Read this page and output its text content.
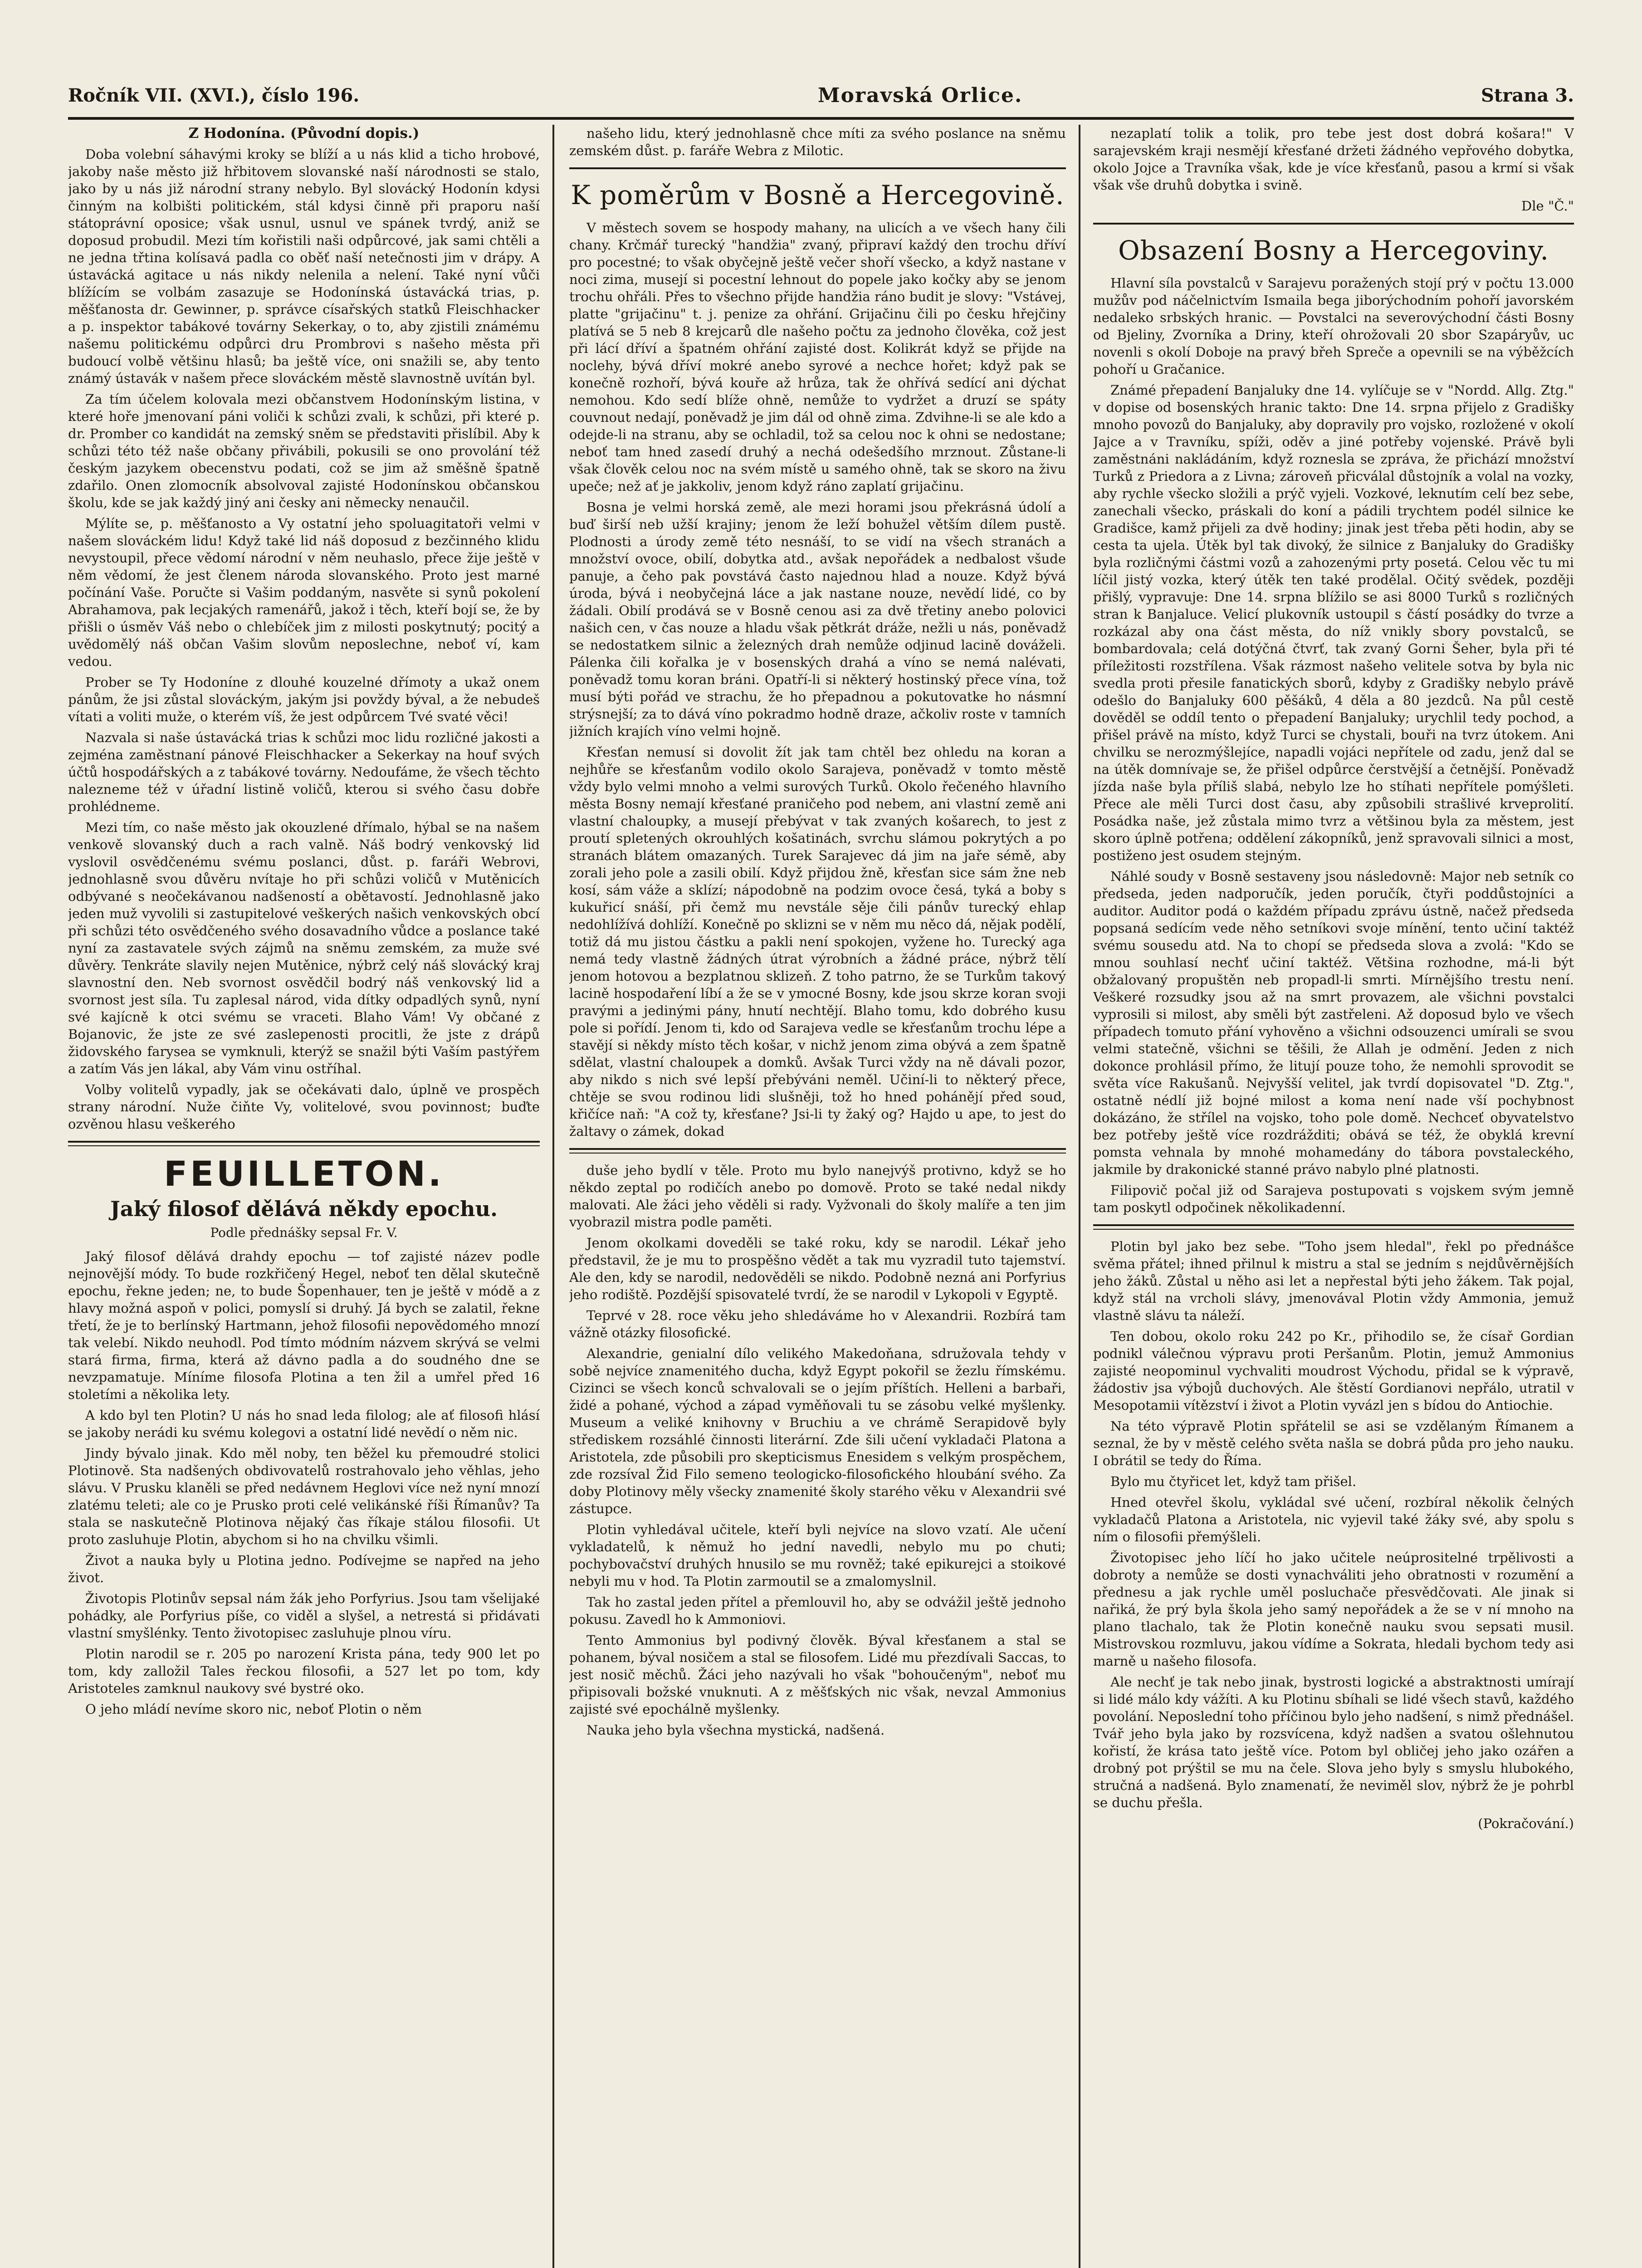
Ročník VII. (XVI.), číslo 196.	Moravská Orlice.	Strana 3.

Z Hodonína. (Původní dopis.)

Doba volební sáhavými kroky se blíží a u nás klid a ticho hrobové, jakoby naše město již hřbitovem slovanské naší národnosti se stalo, jako by u nás již národní strany nebylo. Byl slovácký Hodonín kdysi činným na kolbišti politickém, stál kdysi činně při praporu naší státoprávní oposice; však usnul, usnul ve spánek tvrdý, aniž se doposud probudil. Mezi tím kořistili naši odpůrcové, jak sami chtěli a ne jedna třtina kolísavá padla co oběť naší netečnosti jim v drápy. A ústavácká agitace u nás nikdy nelenila a nelení. Také nyní vůči blížícím se volbám zasazuje se Hodonínská ústavácká trias, p. měšťanosta dr. Gewinner, p. správce císařských statků Fleischhacker a p. inspektor tabákové továrny Sekerkay, o to, aby zjistili známému našemu politickému odpůrci dru Prombrovi s našeho města při budoucí volbě většinu hlasů; ba ještě více, oni snažili se, aby tento známý ústavák v našem přece slováckém městě slavnostně uvítán byl.

Za tím účelem kolovala mezi občanstvem Hodonínským listina, v které hoře jmenovaní páni voliči k schůzi zvali, k schůzi, při které p. dr. Promber co kandidát na zemský sněm se představiti přislíbil. Aby k schůzi této též naše občany přivábili, pokusili se ono provolání též českým jazykem obecenstvu podati, což se jim až směšně špatně zdařilo. Onen zlomocník absolvoval zajisté Hodonínskou občanskou školu, kde se jak každý jiný ani česky ani německy nenaučil.

Mýlíte se, p. měšťanosto a Vy ostatní jeho spoluagitatoři velmi v našem slováckém lidu! Když také lid náš doposud z bezčinného klidu nevystoupil, přece vědomí národní v něm neuhaslo, přece žije ještě v něm vědomí, že jest členem národa slovanského. Proto jest marné počínání Vaše. Poručte si Vašim poddaným, nasvěte si synů pokolení Abrahamova, pak lecjakých ramenářů, jakož i těch, kteří bojí se, že by přišli o úsměv Váš nebo o chlebíček jim z milosti poskytnutý; pocitý a uvědomělý náš občan Vašim slovům neposlechne, neboť ví, kam vedou.

Prober se Ty Hodoníne z dlouhé kouzelné dřímoty a ukaž onem pánům, že jsi zůstal slováckým, jakým jsi povždy býval, a že nebudeš vítati a voliti muže, o kterém víš, že jest odpůrcem Tvé svaté věci!

Nazvala si naše ústavácká trias k schůzi moc lidu rozličné jakosti a zejména zaměstnaní pánové Fleischhacker a Sekerkay na houf svých účtů hospodářských a z tabákové továrny. Nedoufáme, že všech těchto nalezneme též v úřadní listině voličů, kterou si svého času dobře prohlédneme.

Mezi tím, co naše město jak okouzlené dřímalo, hýbal se na našem venkově slovanský duch a rach valně. Náš bodrý venkovský lid vyslovil osvědčenému svému poslanci, důst. p. faráři Webrovi, jednohlasně svou důvěru nvítaje ho při schůzi voličů v Mutěnicích odbývané s neočekávanou nadšeností a obětavostí. Jednohlasně jako jeden muž vyvolili si zastupitelové veškerých našich venkovských obcí při schůzi této osvědčeného svého dosavadního vůdce a poslance také nyní za zastavatele svých zájmů na sněmu zemském, za muže své důvěry. Tenkráte slavily nejen Mutěnice, nýbrž celý náš slovácký kraj slavnostní den. Neb svornost osvědčil bodrý náš venkovský lid a svornost jest síla. Tu zaplesal národ, vida dítky odpadlých synů, nyní své kajícně k otci svému se vraceti. Blaho Vám! Vy občané z Bojanovic, že jste ze své zaslepenosti procitli, že jste z drápů židovského farysea se vymknuli, kterýž se snažil býti Vaším pastýřem a zatím Vás jen lákal, aby Vám vinu ostříhal.

Volby volitelů vypadly, jak se očekávati dalo, úplně ve prospěch strany národní. Nuže čiňte Vy, volitelové, svou povinnost; buďte ozvěnou hlasu veškerého

FEUILLETON.
Jaký filosof dělává někdy epochu.

Podle přednášky sepsal Fr. V.

Jaký filosof dělává drahdy epochu — tof zajisté název podle nejnovější módy. To bude rozkřičený Hegel, neboť ten dělal skutečně epochu, řekne jeden; ne, to bude Šopenhauer, ten je ještě v módě a z hlavy možná aspoň v polici, pomyslí si druhý. Já bych se zalatil, řekne třetí, že je to berlínský Hartmann, jehož filosofii nepovědomého mnozí tak velebí. Nikdo neuhodl. Pod tímto módním názvem skrývá se velmi stará firma, firma, která až dávno padla a do soudného dne se nevzpamatuje. Míníme filosofa Plotina a ten žil a umřel před 16 stoletími a několika lety.

A kdo byl ten Plotin? U nás ho snad leda filolog; ale ať filosofi hlásí se jakoby nerádi ku svému kolegovi a ostatní lidé nevědí o něm nic.

Jindy bývalo jinak. Kdo měl noby, ten běžel ku přemoudré stolici Plotinově. Sta nadšených obdivovatelů rostrahovalo jeho věhlas, jeho slávu. V Prusku klaněli se před nedávnem Heglovi více než nyní mnozí zlatému teleti; ale co je Prusko proti celé velikánské říši Římanův? Ta stala se naskutečně Plotinova nějaký čas říkaje stálou filosofii. Ut proto zasluhuje Plotin, abychom si ho na chvilku všimli.

Život a nauka byly u Plotina jedno. Podívejme se napřed na jeho život.

Životopis Plotinův sepsal nám žák jeho Porfyrius. Jsou tam všelijaké pohádky, ale Porfyrius píše, co viděl a slyšel, a netrestá si přidávati vlastní smyšlénky. Tento životopisec zasluhuje plnou víru.

Plotin narodil se r. 205 po narození Krista pána, tedy 900 let po tom, kdy zalložil Tales řeckou filosofii, a 527 let po tom, kdy Aristoteles zamknul naukovy své bystré oko.

O jeho mládí nevíme skoro nic, neboť Plotin o něm

našeho lidu, který jednohlasně chce míti za svého poslance na sněmu zemském důst. p. faráře Webra z Milotic.

K poměrům v Bosně a Hercegovině.

V městech sovem se hospody mahany, na ulicích a ve všech hany čili chany. Krčmář turecký "handžia" zvaný, připraví každý den trochu dříví pro pocestné; to však obyčejně ještě večer shoří všecko, a když nastane v noci zima, musejí si pocestní lehnout do popele jako kočky aby se jenom trochu ohřáli. Přes to všechno přijde handžia ráno budit je slovy: "Vstávej, platte "grijačinu" t. j. penize za ohřání. Grijačinu čili po česku hřejčiny platívá se 5 neb 8 krejcarů dle našeho počtu za jednoho člověka, což jest při lácí dříví a špatném ohřání zajisté dost. Kolikrát když se přijde na noclehy, bývá dříví mokré anebo syrové a nechce hořet; když pak se konečně rozhoří, bývá kouře až hrůza, tak že ohřívá sedící ani dýchat nemohou. Kdo sedí blíže ohně, nemůže to vydržet a druzí se spáty couvnout nedají, poněvadž je jim dál od ohně zima. Zdvihne-li se ale kdo a odejde-li na stranu, aby se ochladil, tož sa celou noc k ohni se nedostane; neboť tam hned zasedí druhý a nechá odešedšího mrznout. Zůstane-li však člověk celou noc na svém místě u samého ohně, tak se skoro na živu upeče; než ať je jakkoliv, jenom když ráno zaplatí grijačinu.

Bosna je velmi horská země, ale mezi horami jsou překrásná údolí a buď širší neb užší krajiny; jenom že leží bohužel větším dílem pustě. Plodnosti a úrody země této nesnáší, to se vidí na všech stranách a množství ovoce, obilí, dobytka atd., avšak nepořádek a nedbalost všude panuje, a čeho pak povstává často najednou hlad a nouze. Když bývá úroda, bývá i neobyčejná láce a jak nastane nouze, nevědí lidé, co by žádali. Obilí prodává se v Bosně cenou asi za dvě třetiny anebo polovici našich cen, v čas nouze a hladu však pětkrát dráže, nežli u nás, poněvadž se nedostatkem silnic a železných drah nemůže odjinud lacině dováželi. Pálenka čili kořalka je v bosenských drahá a víno se nemá nalévati, poněvadž tomu koran bráni. Opatří-li si některý hostinský přece vína, tož musí býti pořád ve strachu, že ho přepadnou a pokutovatke ho násmní strýsnejší; za to dává víno pokradmo hodně draze, ačkoliv roste v tamních jižních krajích víno velmi hojně.

Křesťan nemusí si dovolit žít jak tam chtěl bez ohledu na koran a nejhůře se křesťanům vodilo okolo Sarajeva, poněvadž v tomto městě vždy bylo velmi mnoho a velmi surových Turků. Okolo řečeného hlavního města Bosny nemají křesťané praničeho pod nebem, ani vlastní země ani vlastní chaloupky, a musejí přebývat v tak zvaných košarech, to jest z proutí spletených okrouhlých košatinách, svrchu slámou pokrytých a po stranách blátem omazaných. Turek Sarajevec dá jim na jaře sémě, aby zorali jeho pole a zasili obilí. Když přijdou žně, křesťan sice sám žne neb kosí, sám váže a sklízí; nápodobně na podzim ovoce česá, tyká a boby s kukuřicí snáší, při čemž mu nevstále sěje čili pánův turecký ehlap nedohlížívá dohlíží. Konečně po sklizni se v něm mu něco dá, nějak podělí, totiž dá mu jistou částku a pakli není spokojen, vyžene ho. Turecký aga nemá tedy vlastně žádných útrat výrobních a žádné práce, nýbrž tělí jenom hotovou a bezplatnou sklizeň. Z toho patrno, že se Turkům takový lacině hospodaření líbí a že se v ymocné Bosny, kde jsou skrze koran svoji pravými a jedinými pány, hnutí nechtějí. Blaho tomu, kdo dobrého kusu pole si pořídí. Jenom ti, kdo od Sarajeva vedle se křesťanům trochu lépe a stavějí si někdy místo těch košar, v nichž jenom zima obývá a zem špatně sdělat, vlastní chaloupek a domků. Avšak Turci vždy na ně dávali pozor, aby nikdo s nich své lepší přebýváni neměl. Učiní-li to některý přece, chtěje se svou rodinou lidi slušněji, tož ho hned pohánějí před soud, křičíce naň: "A což ty, křesťane? Jsi-li ty žaký og? Hajdo u ape, to jest do žaltavy o zámek, dokad

duše jeho bydlí v těle. Proto mu bylo nanejvýš protivno, když se ho někdo zeptal po rodičích anebo po domově. Proto se také nedal nikdy malovati. Ale žáci jeho věděli si rady. Vyžvonali do školy malíře a ten jim vyobrazil mistra podle paměti.

Jenom okolkami doveděli se také roku, kdy se narodil. Lékař jeho představil, že je mu to prospěšno vědět a tak mu vyzradil tuto tajemství. Ale den, kdy se narodil, nedověděli se nikdo. Podobně nezná ani Porfyrius jeho rodiště. Pozdější spisovatelé tvrdí, že se narodil v Lykopoli v Egyptě.

Teprvé v 28. roce věku jeho shledáváme ho v Alexandrii. Rozbírá tam vážně otázky filosofické.

Alexandrie, genialní dílo velikého Makedoňana, sdružovala tehdy v sobě nejvíce znamenitého ducha, když Egypt pokořil se žezlu římskému. Cizinci se všech konců schvalovali se o jejím příštích. Helleni a barbaři, židé a pohané, východ a západ vyměňovali tu se zásobu velké myšlenky. Museum a veliké knihovny v Bruchiu a ve chrámě Serapidově byly střediskem rozsáhlé činnosti literární. Zde šili učení vykladači Platona a Aristotela, zde působili pro skepticismus Enesidem s velkým prospěchem, zde rozsíval Žid Filo semeno teologicko-filosofického hloubání svého. Za doby Plotinovy měly všecky znamenité školy starého věku v Alexandrii své zástupce.

Plotin vyhledával učitele, kteří byli nejvíce na slovo vzatí. Ale učení vykladatelů, k němuž ho jední navedli, nebylo mu po chuti; pochybovačství druhých hnusilo se mu rovněž; také epikurejci a stoikové nebyli mu v hod. Ta Plotin zarmoutil se a zmalomyslnil.

Tak ho zastal jeden přítel a přemlouvil ho, aby se odvážil ještě jednoho pokusu. Zavedl ho k Ammoniovi.

Tento Ammonius byl podivný člověk. Býval křesťanem a stal se pohanem, býval nosičem a stal se filosofem. Lidé mu přezdívali Saccas, to jest nosič měchů. Žáci jeho nazývali ho však "bohoučeným", neboť mu připisovali božské vnuknuti. A z měšťských nic však, nevzal Ammonius zajisté své epochálně myšlenky.

Nauka jeho byla všechna mystická, nadšená.

nezaplatí tolik a tolik, pro tebe jest dost dobrá košara!" V sarajevském kraji nesmějí křesťané držeti žádného vepřového dobytka, okolo Jojce a Travníka však, kde je více křesťanů, pasou a krmí si však však vše druhů dobytka i svině.

Dle "Č."

Obsazení Bosny a Hercegoviny.

Hlavní síla povstalců v Sarajevu poražených stojí prý v počtu 13.000 mužův pod náčelnictvím Ismaila bega jiborýchodním pohoří javorském nedaleko srbských hranic. — Povstalci na severovýchodní části Bosny od Bjeliny, Zvorníka a Driny, kteří ohrožovali 20 sbor Szapáryův, uc novenli s okolí Doboje na pravý břeh Spreče a opevnili se na výběžcích pohoří u Gračanice.

Známé přepadení Banjaluky dne 14. vylíčuje se v "Nordd. Allg. Ztg." v dopise od bosenských hranic takto: Dne 14. srpna přijelo z Gradišky mnoho povozů do Banjaluky, aby dopravily pro vojsko, rozložené v okolí Jajce a v Travníku, spíži, oděv a jiné potřeby vojenské. Právě byli zaměstnáni nakládáním, když roznesla se zpráva, že přichází množství Turků z Priedora a z Livna; zároveň přicválal důstojník a volal na vozky, aby rychle všecko složili a prýč vyjeli. Vozkové, leknutím celí bez sebe, zanechali všecko, práskali do koní a pádili trychtem podél silnice ke Gradišce, kamž přijeli za dvě hodiny; jinak jest třeba pěti hodin, aby se cesta ta ujela. Útěk byl tak divoký, že silnice z Banjaluky do Gradišky byla rozličnými částmi vozů a zahozenými prty posetá. Celou věc tu mi líčil jistý vozka, který útěk ten také prodělal. Očitý svědek, později přišlý, vypravuje: Dne 14. srpna blížilo se asi 8000 Turků s rozličných stran k Banjaluce. Velicí plukovník ustoupil s částí posádky do tvrze a rozkázal aby ona část města, do níž vnikly sbory povstalců, se bombardovala; celá dotýčná čtvrť, tak zvaný Gorni Šeher, byla při té příležitosti rozstřílena. Však rázmost našeho velitele sotva by byla nic svedla proti přesile fanatických sborů, kdyby z Gradišky nebylo právě odešlo do Banjaluky 600 pěšáků, 4 děla a 80 jezdců. Na půl cestě dověděl se oddíl tento o přepadení Banjaluky; urychlil tedy pochod, a přišel právě na místo, když Turci se chystali, bouři na tvrz útokem. Ani chvilku se nerozmýšlejíce, napadli vojáci nepřítele od zadu, jenž dal se na útěk domnívaje se, že přišel odpůrce čerstvější a četnější. Poněvadž jízda naše byla příliš slabá, nebylo lze ho stíhati nepřítele pomýšleti. Přece ale měli Turci dost času, aby způsobili strašlivé krveprolití. Posádka naše, jež zůstala mimo tvrz a většinou byla za městem, jest skoro úplně potřena; oddělení zákopníků, jenž spravovali silnici a most, postiženo jest osudem stejným.

Náhlé soudy v Bosně sestaveny jsou následovně: Major neb setník co předseda, jeden nadporučík, jeden poručík, čtyři poddůstojníci a auditor. Auditor podá o každém případu zprávu ústně, načež předseda popsaná sedícím vede něho setníkovi svoje mínění, tento učiní taktéž svému sousedu atd. Na to chopí se předseda slova a zvolá: "Kdo se mnou souhlasí nechť učiní taktéž. Většina rozhodne, má-li být obžalovaný propuštěn neb propadl-li smrti. Mírnějšího trestu není. Veškeré rozsudky jsou až na smrt provazem, ale všichni povstalci vyprosili si milost, aby směli být zastřeleni. Až doposud bylo ve všech případech tomuto přání vyhověno a všichni odsouzenci umírali se svou velmi statečně, všichni se těšili, že Allah je odmění. Jeden z nich dokonce prohlásil přímo, že litují pouze toho, že nemohli sprovodit se světa více Rakušanů. Nejvyšší velitel, jak tvrdí dopisovatel "D. Ztg.", ostatně nédlí již bojné milost a koma není nade vší pochybnost dokázáno, že střílel na vojsko, toho pole domě. Nechceť obyvatelstvo bez potřeby ještě více rozdrážditi; obává se též, že obyklá krevní pomsta vehnala by mnohé mohamedány do tábora povstaleckého, jakmile by drakonické stanné právo nabylo plné platnosti.

Filipovič počal již od Sarajeva postupovati s vojskem svým jemně tam poskytl odpočinek několikadenní.

Plotin byl jako bez sebe. "Toho jsem hledal", řekl po přednášce svěma přátel; ihned přilnul k mistru a stal se jedním s nejdůvěrnějších jeho žáků. Zůstal u něho asi let a nepřestal býti jeho žákem. Tak pojal, když stál na vrcholi slávy, jmenovával Plotin vždy Ammonia, jemuž vlastně slávu ta náleží.

Ten dobou, okolo roku 242 po Kr., přihodilo se, že císař Gordian podnikl válečnou výpravu proti Peršanům. Plotin, jemuž Ammonius zajisté neopominul vychvaliti moudrost Východu, přidal se k výpravě, žádostiv jsa výbojů duchových. Ale štěstí Gordianovi nepřálo, utratil v Mesopotamii vítězství i život a Plotin vyvázl jen s bídou do Antiochie.

Na této výpravě Plotin spřátelil se asi se vzdělaným Římanem a seznal, že by v městě celého světa našla se dobrá půda pro jeho nauku. I obrátil se tedy do Říma.

Bylo mu čtyřicet let, když tam přišel.

Hned otevřel školu, vykládal své učení, rozbíral několik čelných vykladačů Platona a Aristotela, nic vyjevil také žáky své, aby spolu s ním o filosofii přemýšleli.

Životopisec jeho líčí ho jako učitele neúprositelné trpělivosti a dobroty a nemůže se dosti vynachváliti jeho obratnosti v rozumění a přednesu a jak rychle uměl posluchače přesvědčovati. Ale jinak si nařiká, že prý byla škola jeho samý nepořádek a že se v ní mnoho na plano tlachalo, tak že Plotin konečně nauku svou sepsati musil. Mistrovskou rozmluvu, jakou vídíme a Sokrata, hledali bychom tedy asi marně u našeho filosofa.

Ale nechť je tak nebo jinak, bystrosti logické a abstraktnosti umírají si lidé málo kdy vážíti. A ku Plotinu sbíhali se lidé všech stavů, každého povolání. Neposlední toho příčinou bylo jeho nadšení, s nimž přednášel. Tvář jeho byla jako by rozsvícena, když nadšen a svatou ošlehnutou kořistí, že krása tato ještě více. Potom byl obličej jeho jako ozářen a drobný pot prýštil se mu na čele. Slova jeho byly s smyslu hlubokého, stručná a nadšená. Bylo znamenatí, že neviměl slov, nýbrž že je pohrbl se duchu přešla.

(Pokračování.)
